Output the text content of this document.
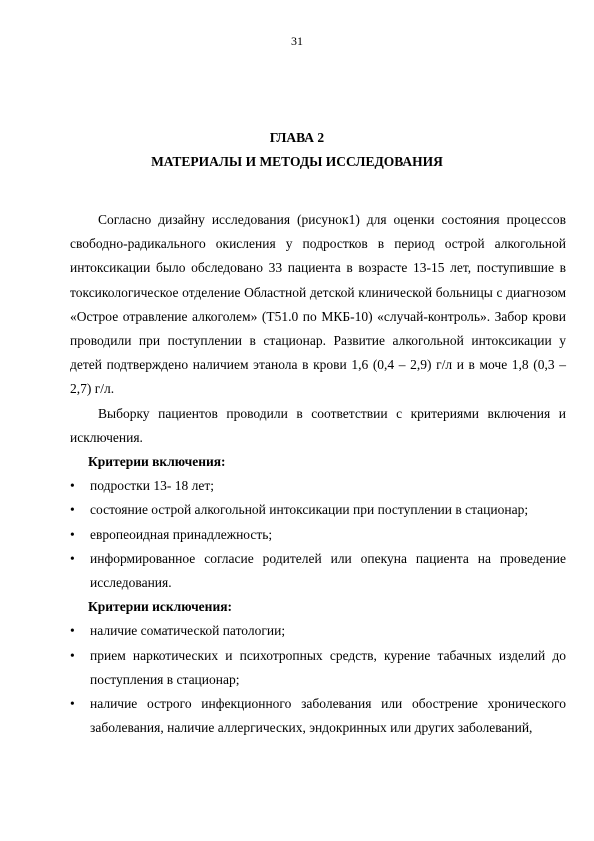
31
ГЛАВА 2
МАТЕРИАЛЫ И МЕТОДЫ ИССЛЕДОВАНИЯ

Согласно дизайну исследования (рисунок1) для оценки состояния процессов свободно-радикального окисления у подростков в период острой алкогольной интоксикации было обследовано 33 пациента в возрасте 13-15 лет, поступившие в токсикологическое отделение Областной детской клинической больницы с диагнозом «Острое отравление алкоголем» (Т51.0 по МКБ-10) «случай-контроль». Забор крови проводили при поступлении в стационар. Развитие алкогольной интоксикации у детей подтверждено наличием этанола в крови 1,6 (0,4 – 2,9) г/л и в моче 1,8 (0,3 – 2,7) г/л.

Выборку пациентов проводили в соответствии с критериями включения и исключения.

Критерии включения:
• подростки 13- 18 лет;
• состояние острой алкогольной интоксикации при поступлении в стационар;
• европеоидная принадлежность;
• информированное согласие родителей или опекуна пациента на проведение исследования.
Критерии исключения:
• наличие соматической патологии;
• прием наркотических и психотропных средств, курение табачных изделий до поступления в стационар;
• наличие острого инфекционного заболевания или обострение хронического заболевания, наличие аллергических, эндокринных или других заболеваний,
